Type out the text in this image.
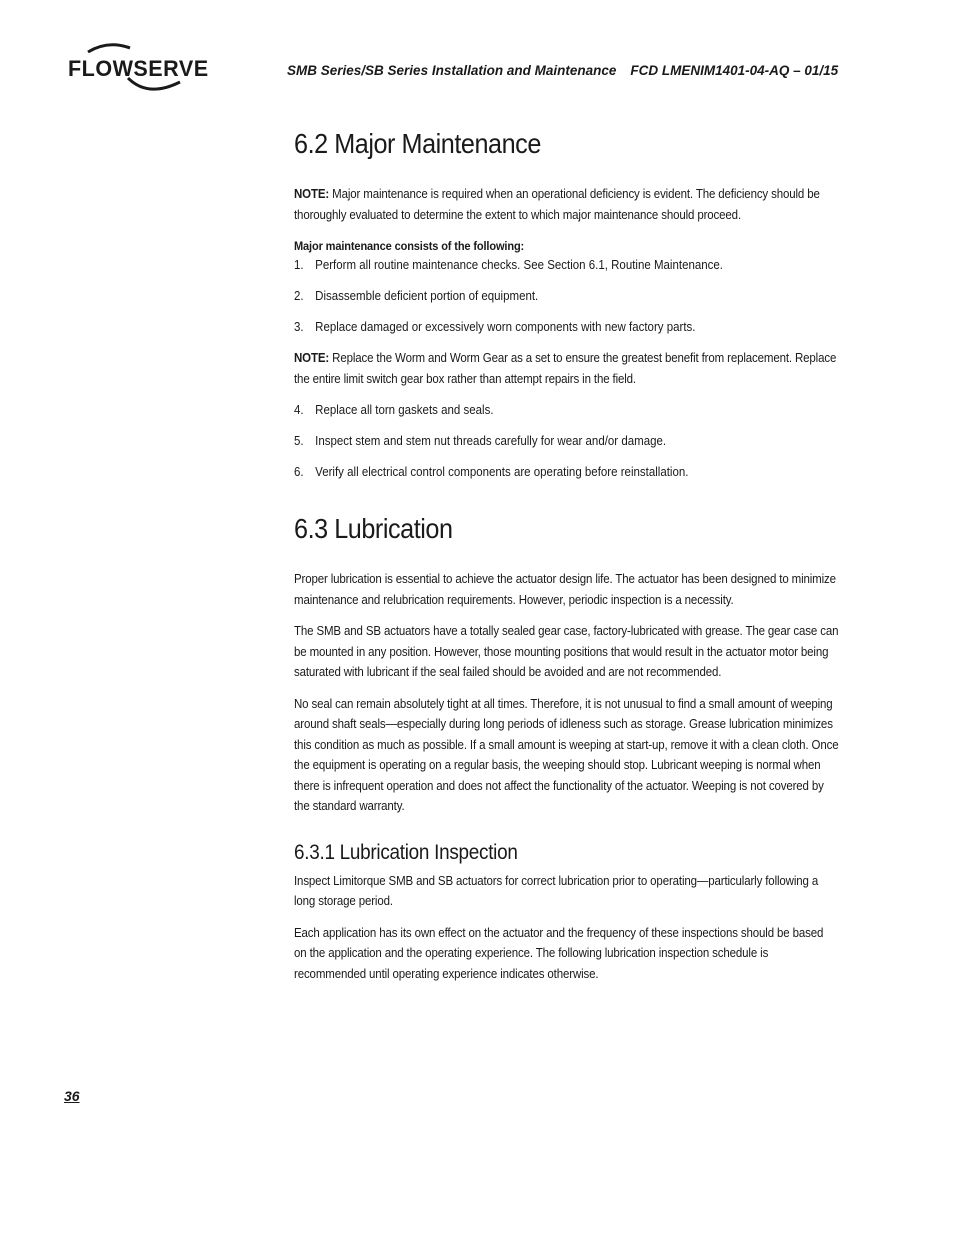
FLOWSERVE	SMB Series/SB Series Installation and Maintenance FCD LMENIM1401-04-AQ – 01/15
6.2 Major Maintenance

NOTE: Major maintenance is required when an operational deficiency is evident. The deficiency should be thoroughly evaluated to determine the extent to which major maintenance should proceed.

Major maintenance consists of the following:

1. Perform all routine maintenance checks. See Section 6.1, Routine Maintenance.
2. Disassemble deficient portion of equipment.
3. Replace damaged or excessively worn components with new factory parts.

NOTE: Replace the Worm and Worm Gear as a set to ensure the greatest benefit from replacement. Replace the entire limit switch gear box rather than attempt repairs in the field.

4. Replace all torn gaskets and seals.
5. Inspect stem and stem nut threads carefully for wear and/or damage.
6. Verify all electrical control components are operating before reinstallation.
6.3 Lubrication

Proper lubrication is essential to achieve the actuator design life. The actuator has been designed to minimize maintenance and relubrication requirements. However, periodic inspection is a necessity.

The SMB and SB actuators have a totally sealed gear case, factory-lubricated with grease. The gear case can be mounted in any position. However, those mounting positions that would result in the actuator motor being saturated with lubricant if the seal failed should be avoided and are not recommended.

No seal can remain absolutely tight at all times. Therefore, it is not unusual to find a small amount of weeping around shaft seals—especially during long periods of idleness such as storage. Grease lubrication minimizes this condition as much as possible. If a small amount is weeping at start-up, remove it with a clean cloth. Once the equipment is operating on a regular basis, the weeping should stop. Lubricant weeping is normal when there is infrequent operation and does not affect the functionality of the actuator. Weeping is not covered by the standard warranty.

6.3.1 Lubrication Inspection

Inspect Limitorque SMB and SB actuators for correct lubrication prior to operating—particularly following a long storage period.

Each application has its own effect on the actuator and the frequency of these inspections should be based on the application and the operating experience. The following lubrication inspection schedule is recommended until operating experience indicates otherwise.

36
